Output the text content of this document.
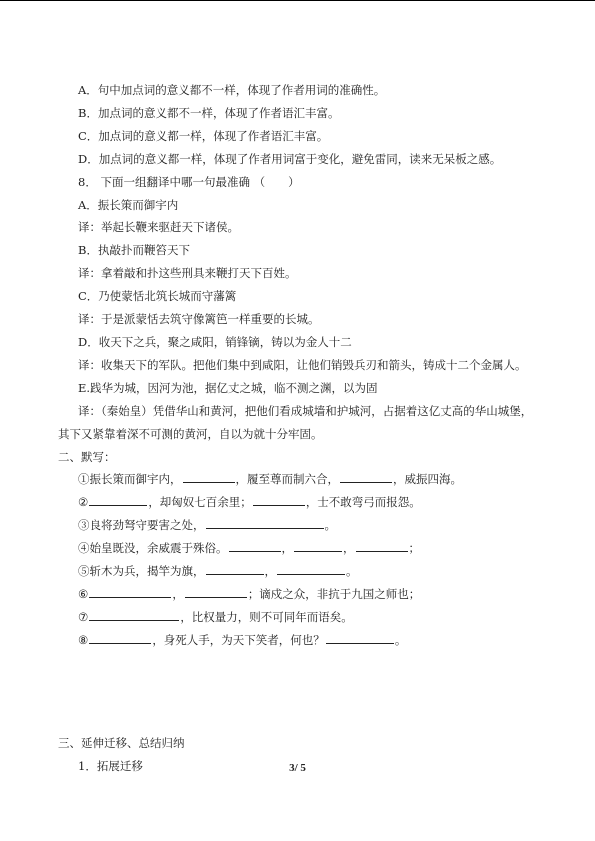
A．句中加点词的意义都不一样，体现了作者用词的准确性。
B．加点词的意义都不一样，体现了作者语汇丰富。
C．加点词的意义都一样，体现了作者语汇丰富。
D．加点词的意义都一样，体现了作者用词富于变化，避免雷同，读来无呆板之感。
8． 下面一组翻译中哪一句最准确 （　　）
A．振长策而御宇内
译：举起长鞭来驱赶天下诸侯。
B．执敲扑而鞭笞天下
译：拿着敲和扑这些刑具来鞭打天下百姓。
C．乃使蒙恬北筑长城而守藩篱
译：于是派蒙恬去筑守像篱笆一样重要的长城。
D．收天下之兵，聚之咸阳，销锋镝，铸以为金人十二
译：收集天下的军队。把他们集中到咸阳，让他们销毁兵刃和箭头，铸成十二个金属人。
E.践华为城，因河为池，据亿丈之城，临不测之渊，以为固
译：（秦始皇）凭借华山和黄河，把他们看成城墙和护城河，占据着这亿丈高的华山城堡，其下又紧靠着深不可测的黄河，自以为就十分牢固。
二、默写：
①振长策而御宇内，	，履至尊而制六合，	，威振四海。
②	，却匈奴七百余里；	，士不敢弯弓而报怨。
③良将劲弩守要害之处，	。
④始皇既没，余威震于殊俗。	，	，	；
⑤斩木为兵，揭竿为旗，	，	。
⑥	，	；谪戍之众，非抗于九国之师也；
⑦	，比权量力，则不可同年而语矣。
⑧	，身死人手，为天下笑者，何也？	。
三、延伸迁移、总结归纳
1．拓展迁移	3/ 5
